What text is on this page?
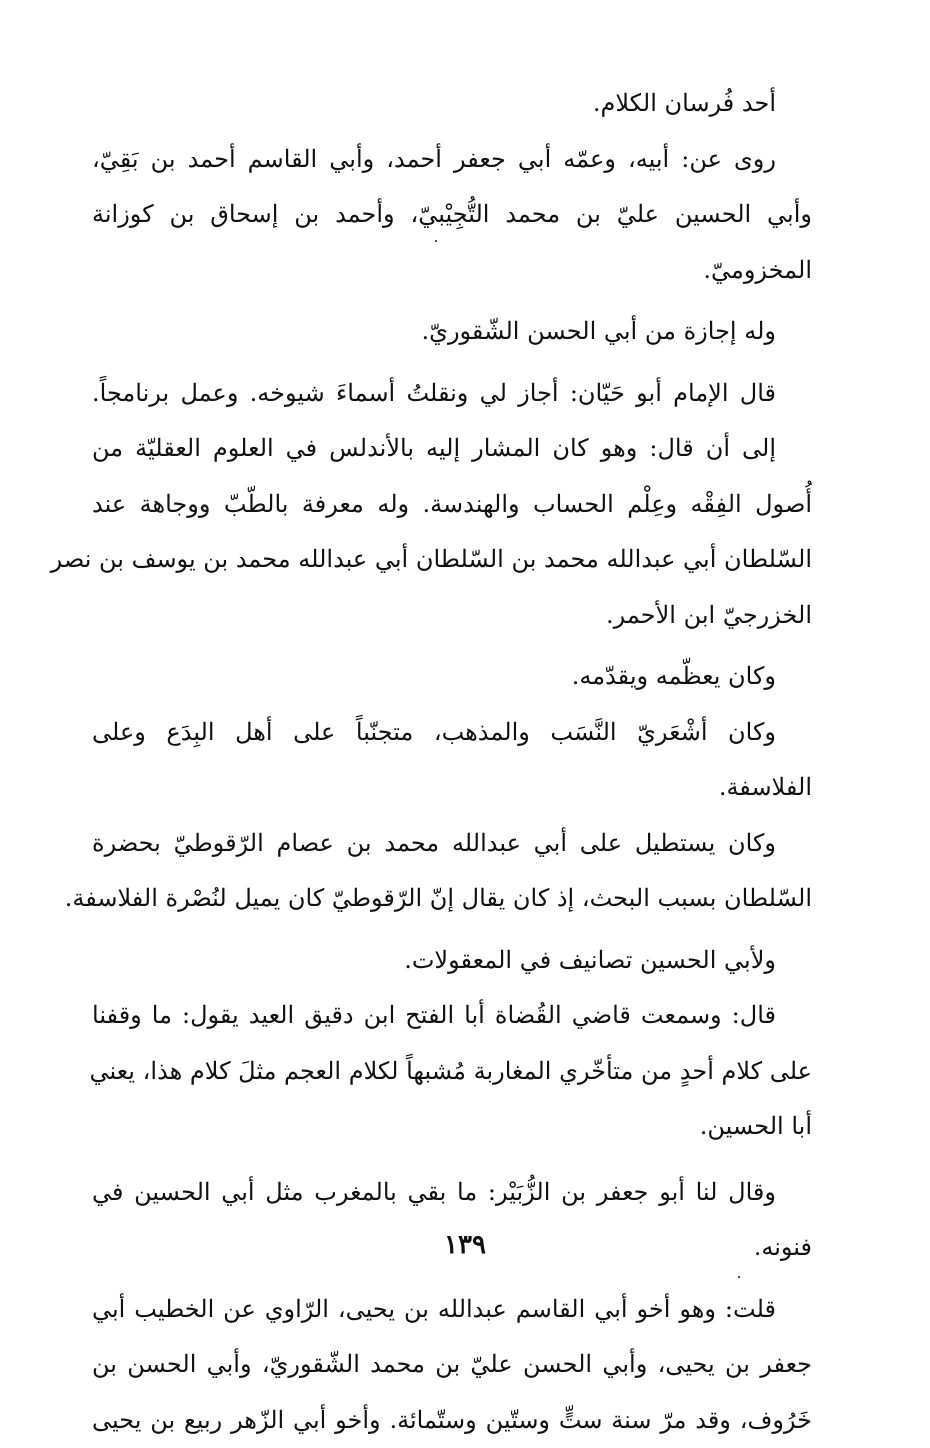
أحد فُرسان الكلام.
روى عن: أبيه، وعمّه أبي جعفر أحمد، وأبي القاسم أحمد بن بَقِيّ،
وأبي الحسين عليّ بن محمد التُّجِيْبيّ، وأحمد بن إسحاق بن كوزانة
المخزوميّ.
وله إجازة من أبي الحسن الشّقوريّ.
قال الإمام أبو حَيّان: أجاز لي ونقلتُ أسماءَ شيوخه. وعمل برنامجاً.
إلى أن قال: وهو كان المشار إليه بالأندلس في العلوم العقليّة من
أُصول الفِقْه وعِلْم الحساب والهندسة. وله معرفة بالطّبّ ووجاهة عند
السّلطان أبي عبدالله محمد بن السّلطان أبي عبدالله محمد بن يوسف بن نصر
الخزرجيّ ابن الأحمر.
وكان يعظّمه ويقدّمه.
وكان أشْعَريّ النَّسَب والمذهب، متجنّباً على أهل البِدَع وعلى
الفلاسفة.
وكان يستطيل على أبي عبدالله محمد بن عصام الرّقوطيّ بحضرة
السّلطان بسبب البحث، إذ كان يقال إنّ الرّقوطيّ كان يميل لنُصْرة الفلاسفة.
ولأبي الحسين تصانيف في المعقولات.
قال: وسمعت قاضي القُضاة أبا الفتح ابن دقيق العيد يقول: ما وقفنا
على كلام أحدٍ من متأخّري المغاربة مُشبهاً لكلام العجم مثلَ كلام هذا، يعني
أبا الحسين.
وقال لنا أبو جعفر بن الزُّبَيْر: ما بقي بالمغرب مثل أبي الحسين في
فنونه.
قلت: وهو أخو أبي القاسم عبدالله بن يحيى، الرّاوي عن الخطيب أبي
جعفر بن يحيى، وأبي الحسن عليّ بن محمد الشّقوريّ، وأبي الحسن بن
خَرُوف، وقد مرّ سنة ستٍّ وستّين وستّمائة. وأخو أبي الزّهر ربيع بن يحيى
١٣٩
